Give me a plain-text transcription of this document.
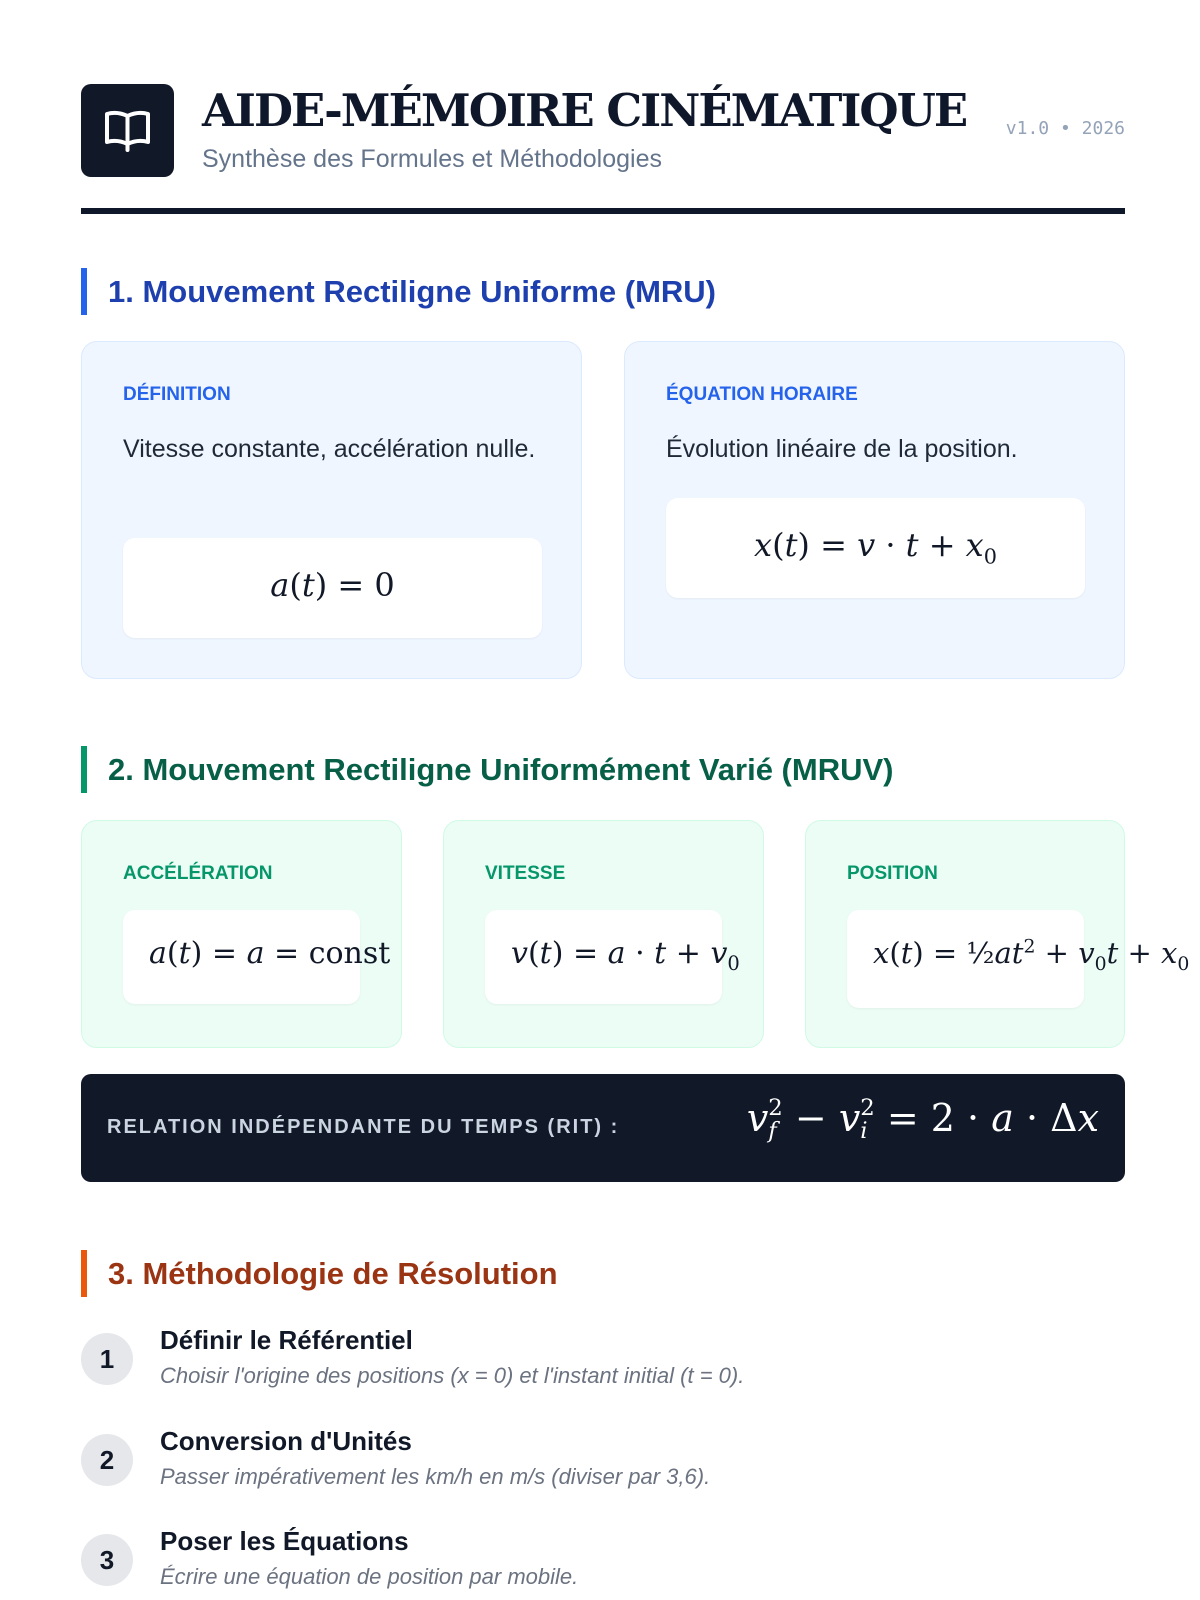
AIDE-MÉMOIRE CINÉMATIQUE
Synthèse des Formules et Méthodologies
v1.0 • 2026
1. Mouvement Rectiligne Uniforme (MRU)
DÉFINITION
Vitesse constante, accélération nulle.
a(t) = 0
ÉQUATION HORAIRE
Évolution linéaire de la position.
$x(t) = v \cdot t + x_0$
2. Mouvement Rectiligne Uniformément Varié (MRUV)
ACCÉLÉRATION
a(t) = a = const
VITESSE
$v(t) = a \cdot t + v_0$
POSITION
$x(t) = \frac{1}{2}at^2 + v_0t + x_0$
RELATION INDÉPENDANTE DU TEMPS (RIT) :	v 2
f − v 2
i = 2 · a · Δx
3. Méthodologie de Résolution
1
Définir le Référentiel
Choisir l'origine des positions (x = 0) et l'instant initial (t = 0).
2
Conversion d'Unités
Passer impérativement les km/h en m/s (diviser par 3,6).
3
Poser les Équations
Écrire une équation de position par mobile.
